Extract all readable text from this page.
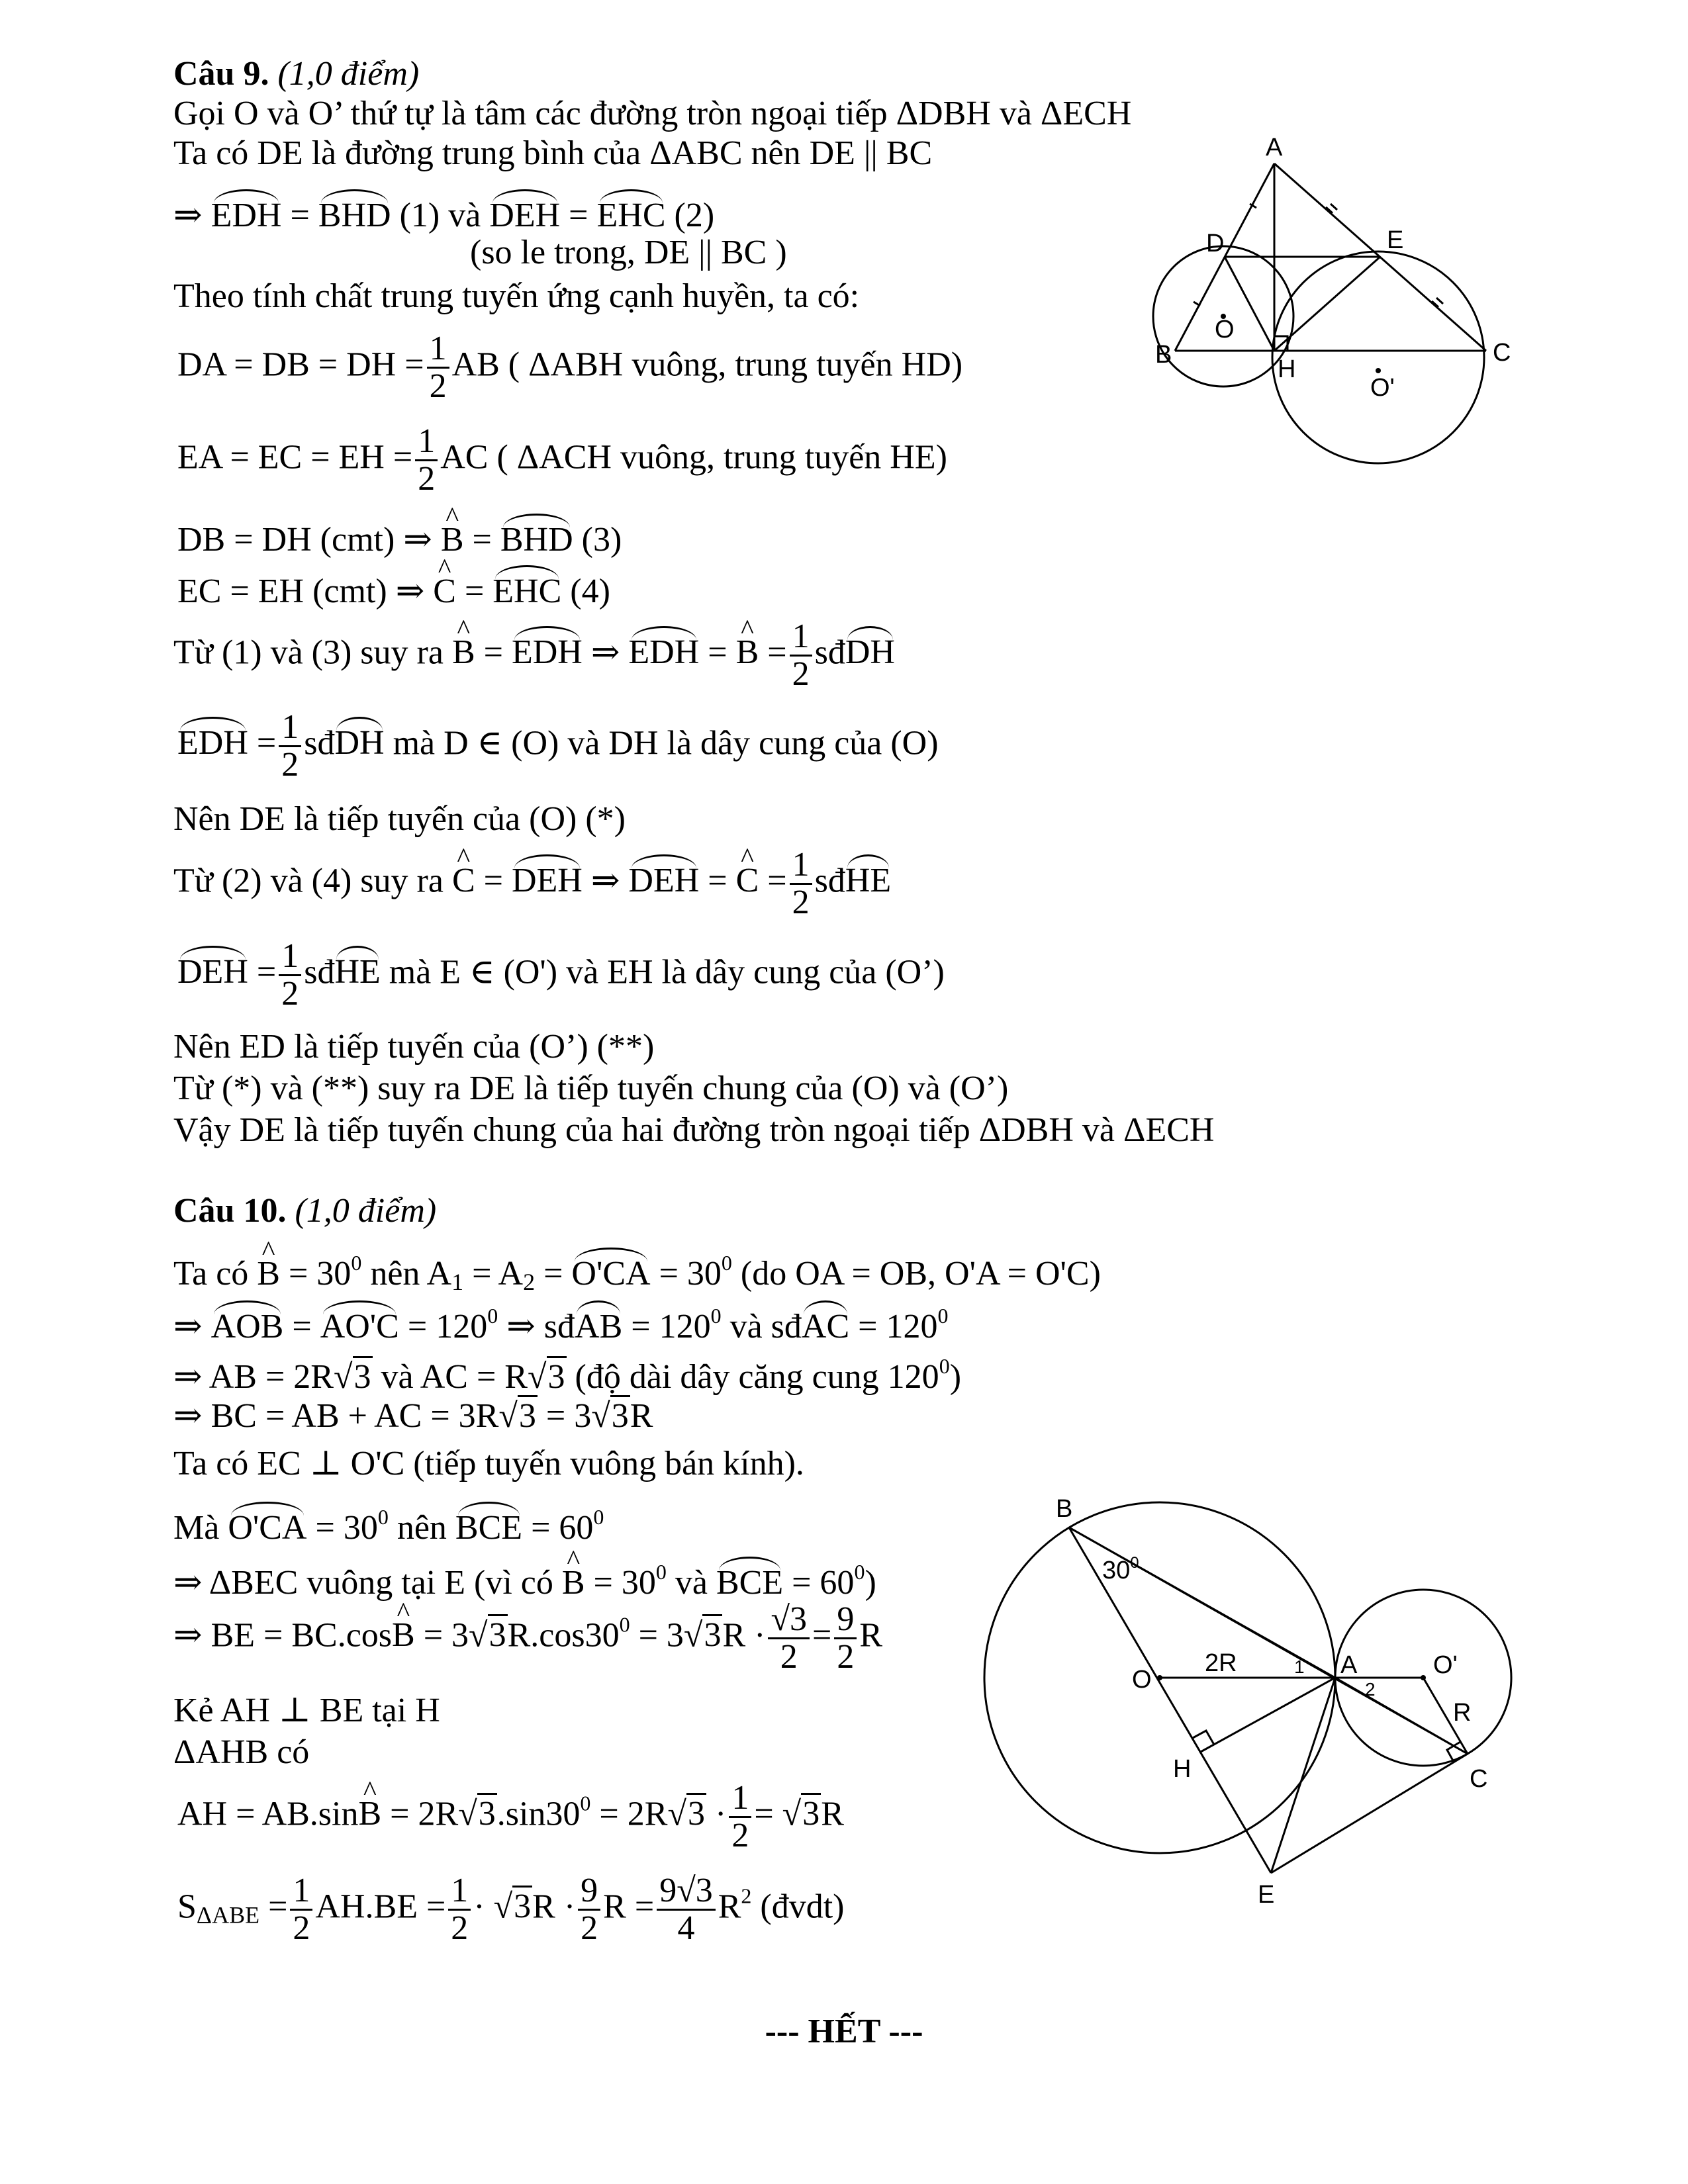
Câu 9. (1,0 điểm)
Gọi O và O’ thứ tự là tâm các đường tròn ngoại tiếp ΔDBH và ΔECH
Ta có DE là đường trung bình của ΔABC nên DE || BC
⇒ EDH = BHD (1) và DEH = EHC (2)
(so le trong, DE || BC )
Theo tính chất trung tuyến ứng cạnh huyền, ta có:
DA = DB = DH = $\frac{1}{2}$ AB ( ΔABH vuông, trung tuyến HD)
EA = EC = EH = $\frac{1}{2}$ AC ( ΔACH vuông, trung tuyến HE)
DB = DH (cmt) ⇒ ^ B = BHD (3)
EC = EH (cmt) ⇒ ^ C = EHC (4)
Từ (1) và (3) suy ra ^ B = EDH ⇒ EDH = ^ $B = \frac{1}{2}$ sđDH
EDH = $\frac{1}{2}$ sđDH mà D ∈ (O) và DH là dây cung của (O)
Nên DE là tiếp tuyến của (O) (*)
Từ (2) và (4) suy ra ^ C = DEH ⇒ DEH = ^ $C = \frac{1}{2}$ sđHE
DEH = $\frac{1}{2}$ sđHE mà E ∈ (O') và EH là dây cung của (O’)
Nên ED là tiếp tuyến của (O’) (**)
Từ (*) và (**) suy ra DE là tiếp tuyến chung của (O) và (O’)
Vậy DE là tiếp tuyến chung của hai đường tròn ngoại tiếp ΔDBH và ΔECH
A
D	E
B
H
C
O
O'
Câu 10. (1,0 điểm)
Ta có ^ $B = 30^0$ nên $A_1 = A_2 = O'CA = 30^0$ (do OA = OB, O'A = O'C)
⇒ AOB = $AO'C = 120^0$ ⇒ sđAB = $120^0$ và sđAC = $120^0$
⇒ AB = 2R√3 và AC = R√3 (độ dài dây căng cung $120^0$)
⇒ BC = AB + AC = 3R√3 = 3√3R
Ta có EC ⊥ O'C (tiếp tuyến vuông bán kính).
Mà $O'CA = 30^0$ nên BCE = $60^0$
⇒ ΔBEC vuông tại E (vì có ^ $B = 30^0$ và BCE = $60^0$)
⇒ BE = BC.cos^ $B = 3√3R.\cos 30^0 = 3√3R \cdot \frac{√3}{2} = \frac{9}{2}$ R
Kẻ AH ⊥ BE tại H
ΔAHB có
AH = AB.sin^ $B = 2R√3.\sin 30^0 = 2R√3 \cdot \frac{1}{2} = √3R$
$S_{\Delta ABE} = \frac{1}{2} AH.BE = \frac{1}{2} \cdot √3R \cdot \frac{9}{2}$ $R = \frac{9√3}{4} R^2$ (đvdt)
B
O
A	O'
H	C
E
R
2R
$30^0$
1
2
--- HẾT ---
